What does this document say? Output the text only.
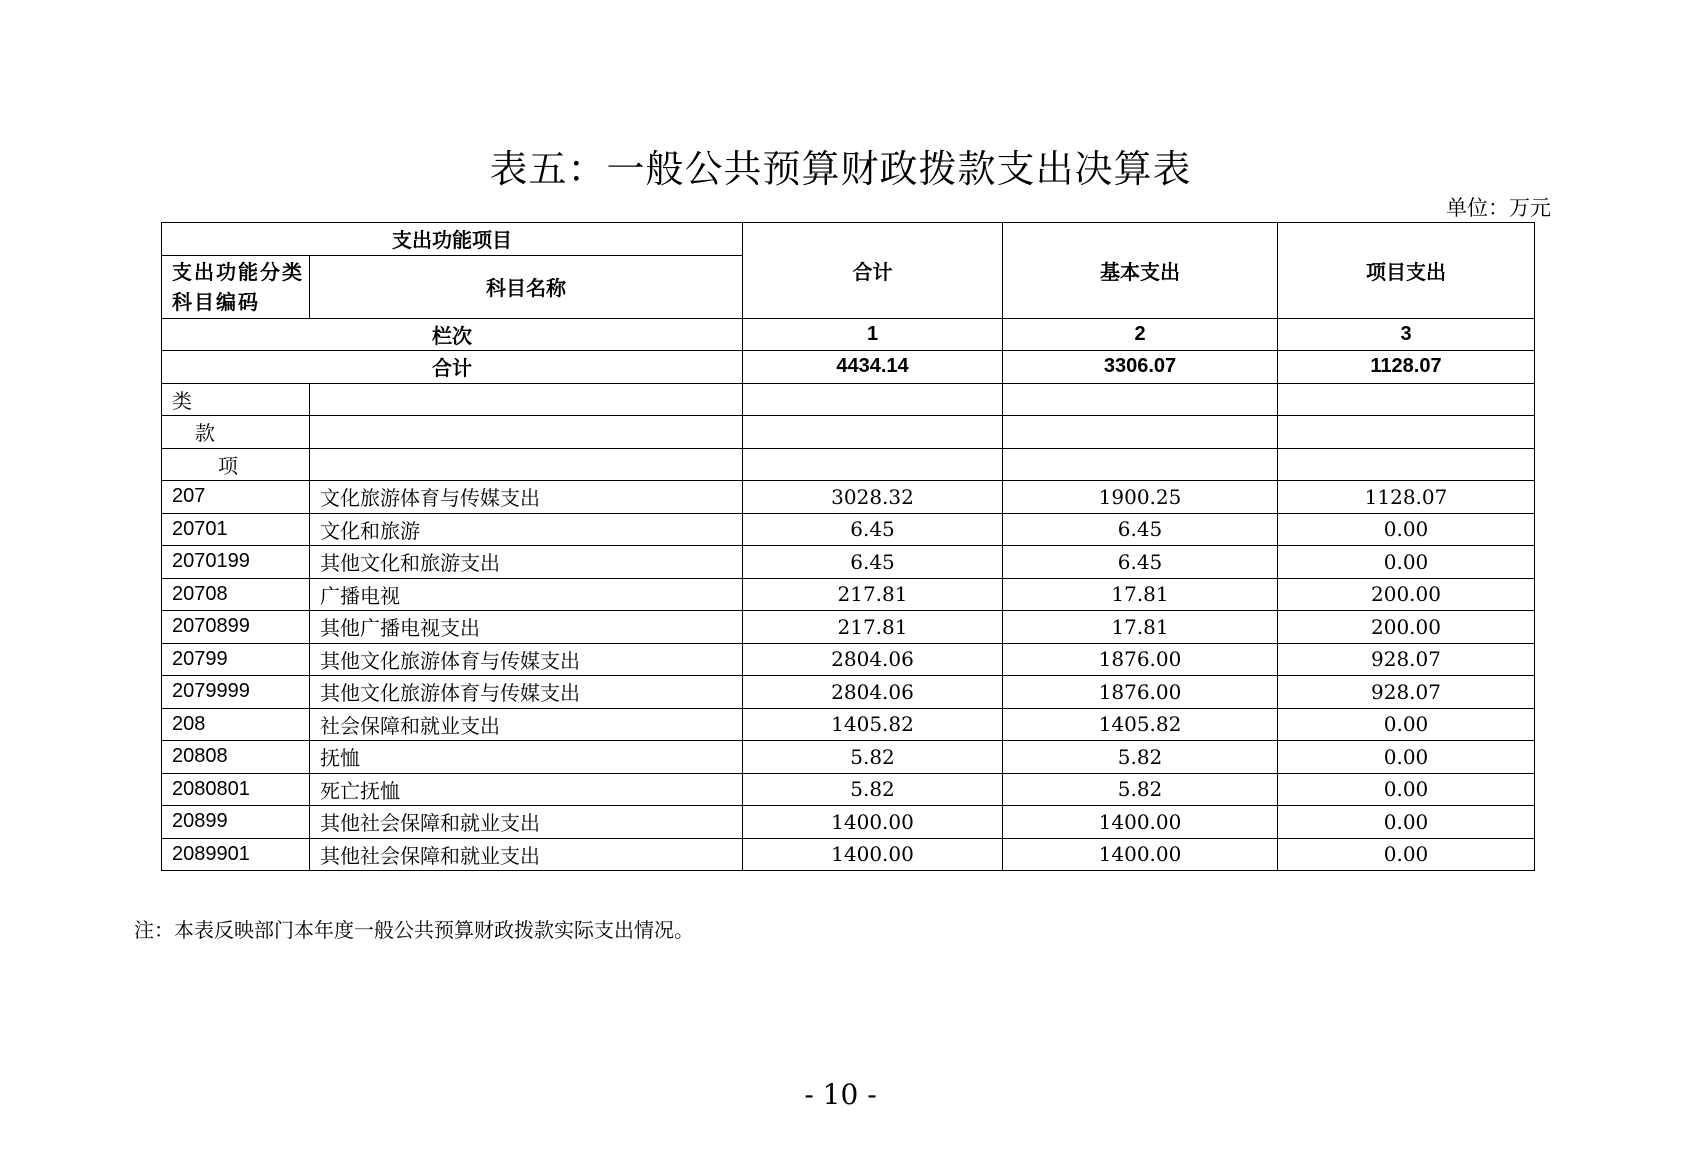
表五：一般公共预算财政拨款支出决算表
单位：万元
支出功能项目		合计	基本支出	项目支出
支出功能分类科目编码	科目名称			
栏次		1	2	3
合计		4434.14	3306.07	1128.07
类				
款				
项				
207	文化旅游体育与传媒支出	3028.32	1900.25	1128.07
20701	文化和旅游	6.45	6.45	0.00
2070199	其他文化和旅游支出	6.45	6.45	0.00
20708	广播电视	217.81	17.81	200.00
2070899	其他广播电视支出	217.81	17.81	200.00
20799	其他文化旅游体育与传媒支出	2804.06	1876.00	928.07
2079999	其他文化旅游体育与传媒支出	2804.06	1876.00	928.07
208	社会保障和就业支出	1405.82	1405.82	0.00
20808	抚恤	5.82	5.82	0.00
2080801	死亡抚恤	5.82	5.82	0.00
20899	其他社会保障和就业支出	1400.00	1400.00	0.00
2089901	其他社会保障和就业支出	1400.00	1400.00	0.00
注：本表反映部门本年度一般公共预算财政拨款实际支出情况。
- 10 -
